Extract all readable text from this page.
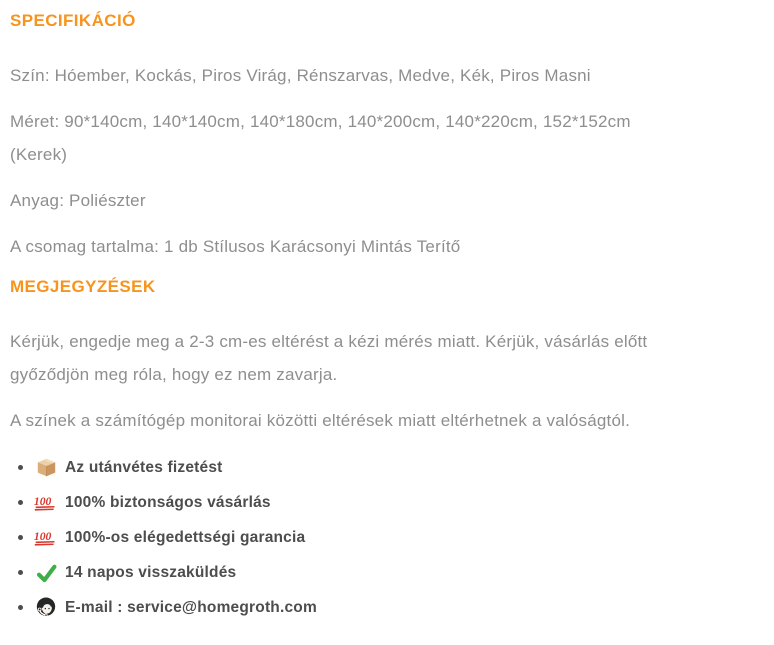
SPECIFIKÁCIÓ

Szín: Hóember, Kockás, Piros Virág, Rénszarvas, Medve, Kék, Piros Masni

Méret: 90*140cm, 140*140cm, 140*180cm, 140*200cm, 140*220cm, 152*152cm (Kerek)

Anyag: Poliészter

A csomag tartalma: 1 db Stílusos Karácsonyi Mintás Terítő

MEGJEGYZÉSEK

Kérjük, engedje meg a 2-3 cm-es eltérést a kézi mérés miatt. Kérjük, vásárlás előtt győződjön meg róla, hogy ez nem zavarja.

A színek a számítógép monitorai közötti eltérések miatt eltérhetnek a valóságtól.

Az utánvétes fizetést
100 100% biztonságos vásárlás
100 100%-os elégedettségi garancia
14 napos visszaküldés
E-mail : service@homegroth.com
